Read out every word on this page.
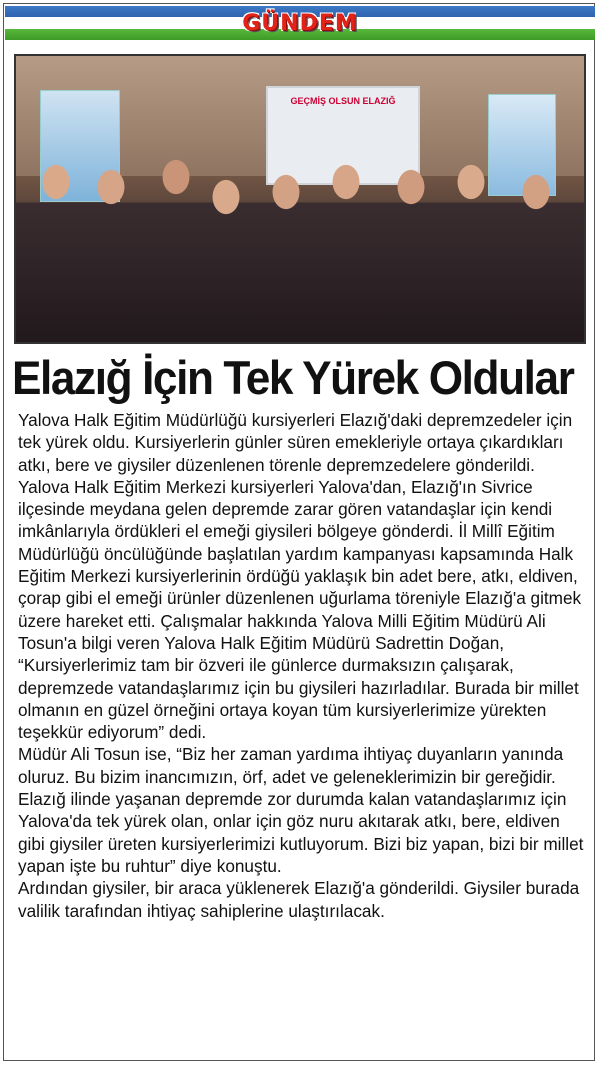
GÜNDEM
GEÇMİŞ OLSUN ELAZIĞ
Elazığ İçin Tek Yürek Oldular

Yalova Halk Eğitim Müdürlüğü kursiyerleri Elazığ'daki depremzedeler için tek yürek oldu. Kursiyerlerin günler süren emekleriyle ortaya çıkardıkları atkı, bere ve giysiler düzenlenen törenle depremzedelere gönderildi.

Yalova Halk Eğitim Merkezi kursiyerleri Yalova'dan, Elazığ'ın Sivrice ilçesinde meydana gelen depremde zarar gören vatandaşlar için kendi imkânlarıyla ördükleri el emeği giysileri bölgeye gönderdi. İl Millî Eğitim Müdürlüğü öncülüğünde başlatılan yardım kampanyası kapsamında Halk Eğitim Merkezi kursiyerlerinin ördüğü yaklaşık bin adet bere, atkı, eldiven, çorap gibi el emeği ürünler düzenlenen uğurlama töreniyle Elazığ'a gitmek üzere hareket etti. Çalışmalar hakkında Yalova Milli Eğitim Müdürü Ali Tosun'a bilgi veren Yalova Halk Eğitim Müdürü Sadrettin Doğan, “Kursiyerlerimiz tam bir özveri ile günlerce durmaksızın çalışarak, depremzede vatandaşlarımız için bu giysileri hazırladılar. Burada bir millet olmanın en güzel örneğini ortaya koyan tüm kursiyerlerimize yürekten teşekkür ediyorum” dedi.

Müdür Ali Tosun ise, “Biz her zaman yardıma ihtiyaç duyanların yanında oluruz. Bu bizim inancımızın, örf, adet ve geleneklerimizin bir gereğidir. Elazığ ilinde yaşanan depremde zor durumda kalan vatandaşlarımız için Yalova'da tek yürek olan, onlar için göz nuru akıtarak atkı, bere, eldiven gibi giysiler üreten kursiyerlerimizi kutluyorum. Bizi biz yapan, bizi bir millet yapan işte bu ruhtur” diye konuştu.

Ardından giysiler, bir araca yüklenerek Elazığ'a gönderildi. Giysiler burada valilik tarafından ihtiyaç sahiplerine ulaştırılacak.
